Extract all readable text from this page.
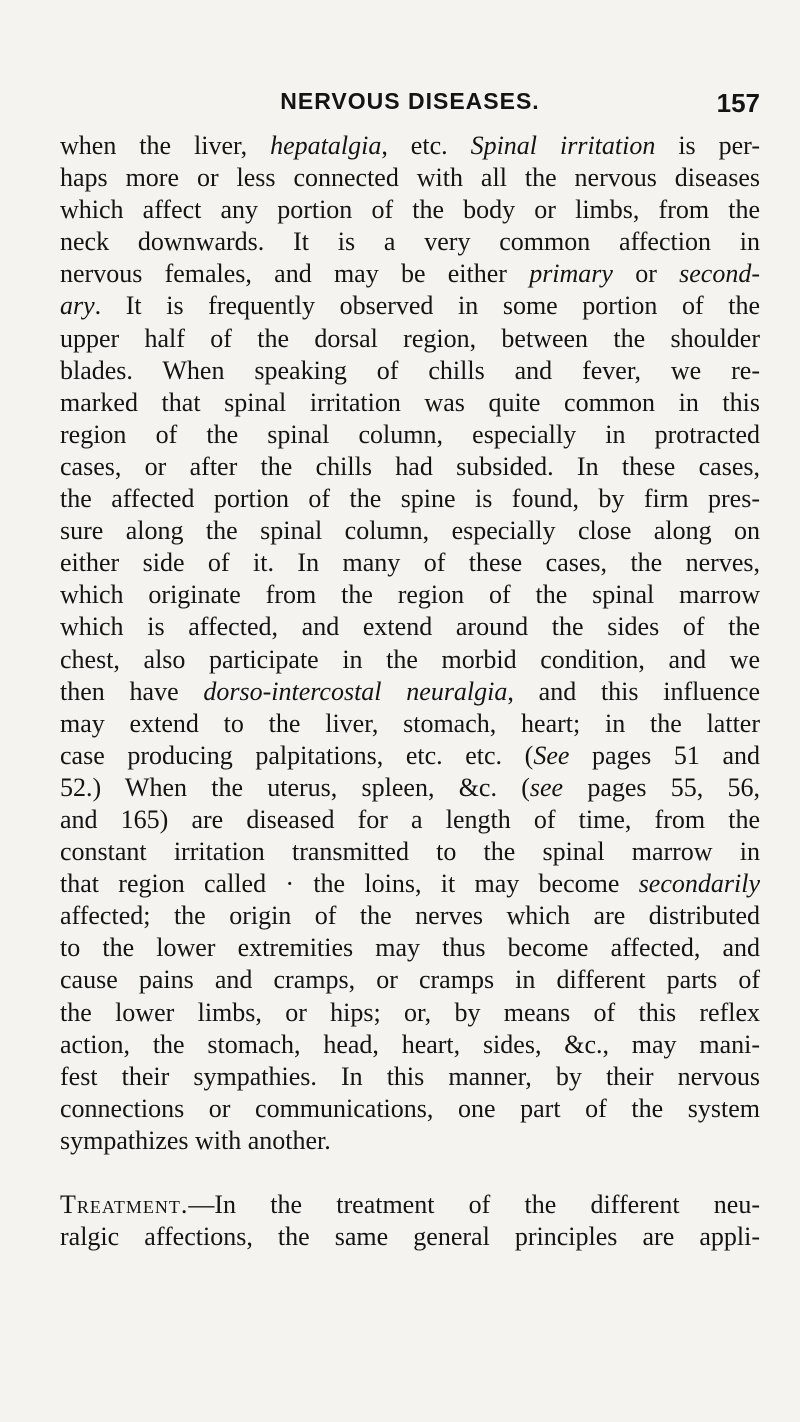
NERVOUS DISEASES.	157
when the liver, hepatalgia, etc. Spinal irritation is per-
haps more or less connected with all the nervous diseases
which affect any portion of the body or limbs, from the
neck downwards. It is a very common affection in
nervous females, and may be either primary or second-
ary. It is frequently observed in some portion of the
upper half of the dorsal region, between the shoulder
blades. When speaking of chills and fever, we re-
marked that spinal irritation was quite common in this
region of the spinal column, especially in protracted
cases, or after the chills had subsided. In these cases,
the affected portion of the spine is found, by firm pres-
sure along the spinal column, especially close along on
either side of it. In many of these cases, the nerves,
which originate from the region of the spinal marrow
which is affected, and extend around the sides of the
chest, also participate in the morbid condition, and we
then have dorso-intercostal neuralgia, and this influence
may extend to the liver, stomach, heart; in the latter
case producing palpitations, etc. etc. (See pages 51 and
52.) When the uterus, spleen, &c. (see pages 55, 56,
and 165) are diseased for a length of time, from the
constant irritation transmitted to the spinal marrow in
that region called · the loins, it may become secondarily
affected; the origin of the nerves which are distributed
to the lower extremities may thus become affected, and
cause pains and cramps, or cramps in different parts of
the lower limbs, or hips; or, by means of this reflex
action, the stomach, head, heart, sides, &c., may mani-
fest their sympathies. In this manner, by their nervous
connections or communications, one part of the system
sympathizes with another.
Treatment.—In the treatment of the different neu-
ralgic affections, the same general principles are appli-
